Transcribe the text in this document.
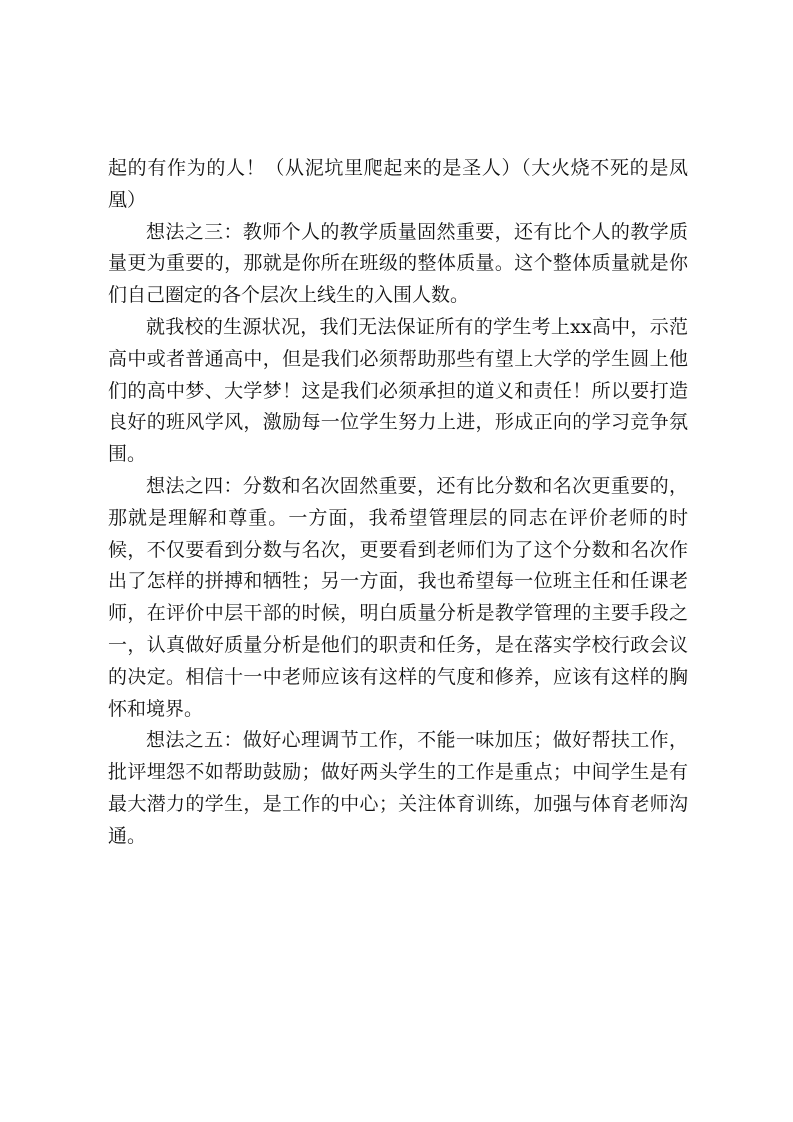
起的有作为的人！（从泥坑里爬起来的是圣人）（大火烧不死的是凤凰）

想法之三：教师个人的教学质量固然重要，还有比个人的教学质量更为重要的，那就是你所在班级的整体质量。这个整体质量就是你们自己圈定的各个层次上线生的入围人数。

就我校的生源状况，我们无法保证所有的学生考上xx高中，示范高中或者普通高中，但是我们必须帮助那些有望上大学的学生圆上他们的高中梦、大学梦！这是我们必须承担的道义和责任！所以要打造良好的班风学风，激励每一位学生努力上进，形成正向的学习竞争氛围。

想法之四：分数和名次固然重要，还有比分数和名次更重要的，那就是理解和尊重。一方面，我希望管理层的同志在评价老师的时候，不仅要看到分数与名次，更要看到老师们为了这个分数和名次作出了怎样的拼搏和牺牲；另一方面，我也希望每一位班主任和任课老师，在评价中层干部的时候，明白质量分析是教学管理的主要手段之一，认真做好质量分析是他们的职责和任务，是在落实学校行政会议的决定。相信十一中老师应该有这样的气度和修养，应该有这样的胸怀和境界。

想法之五：做好心理调节工作，不能一味加压；做好帮扶工作，批评埋怨不如帮助鼓励；做好两头学生的工作是重点；中间学生是有最大潜力的学生，是工作的中心；关注体育训练，加强与体育老师沟通。
